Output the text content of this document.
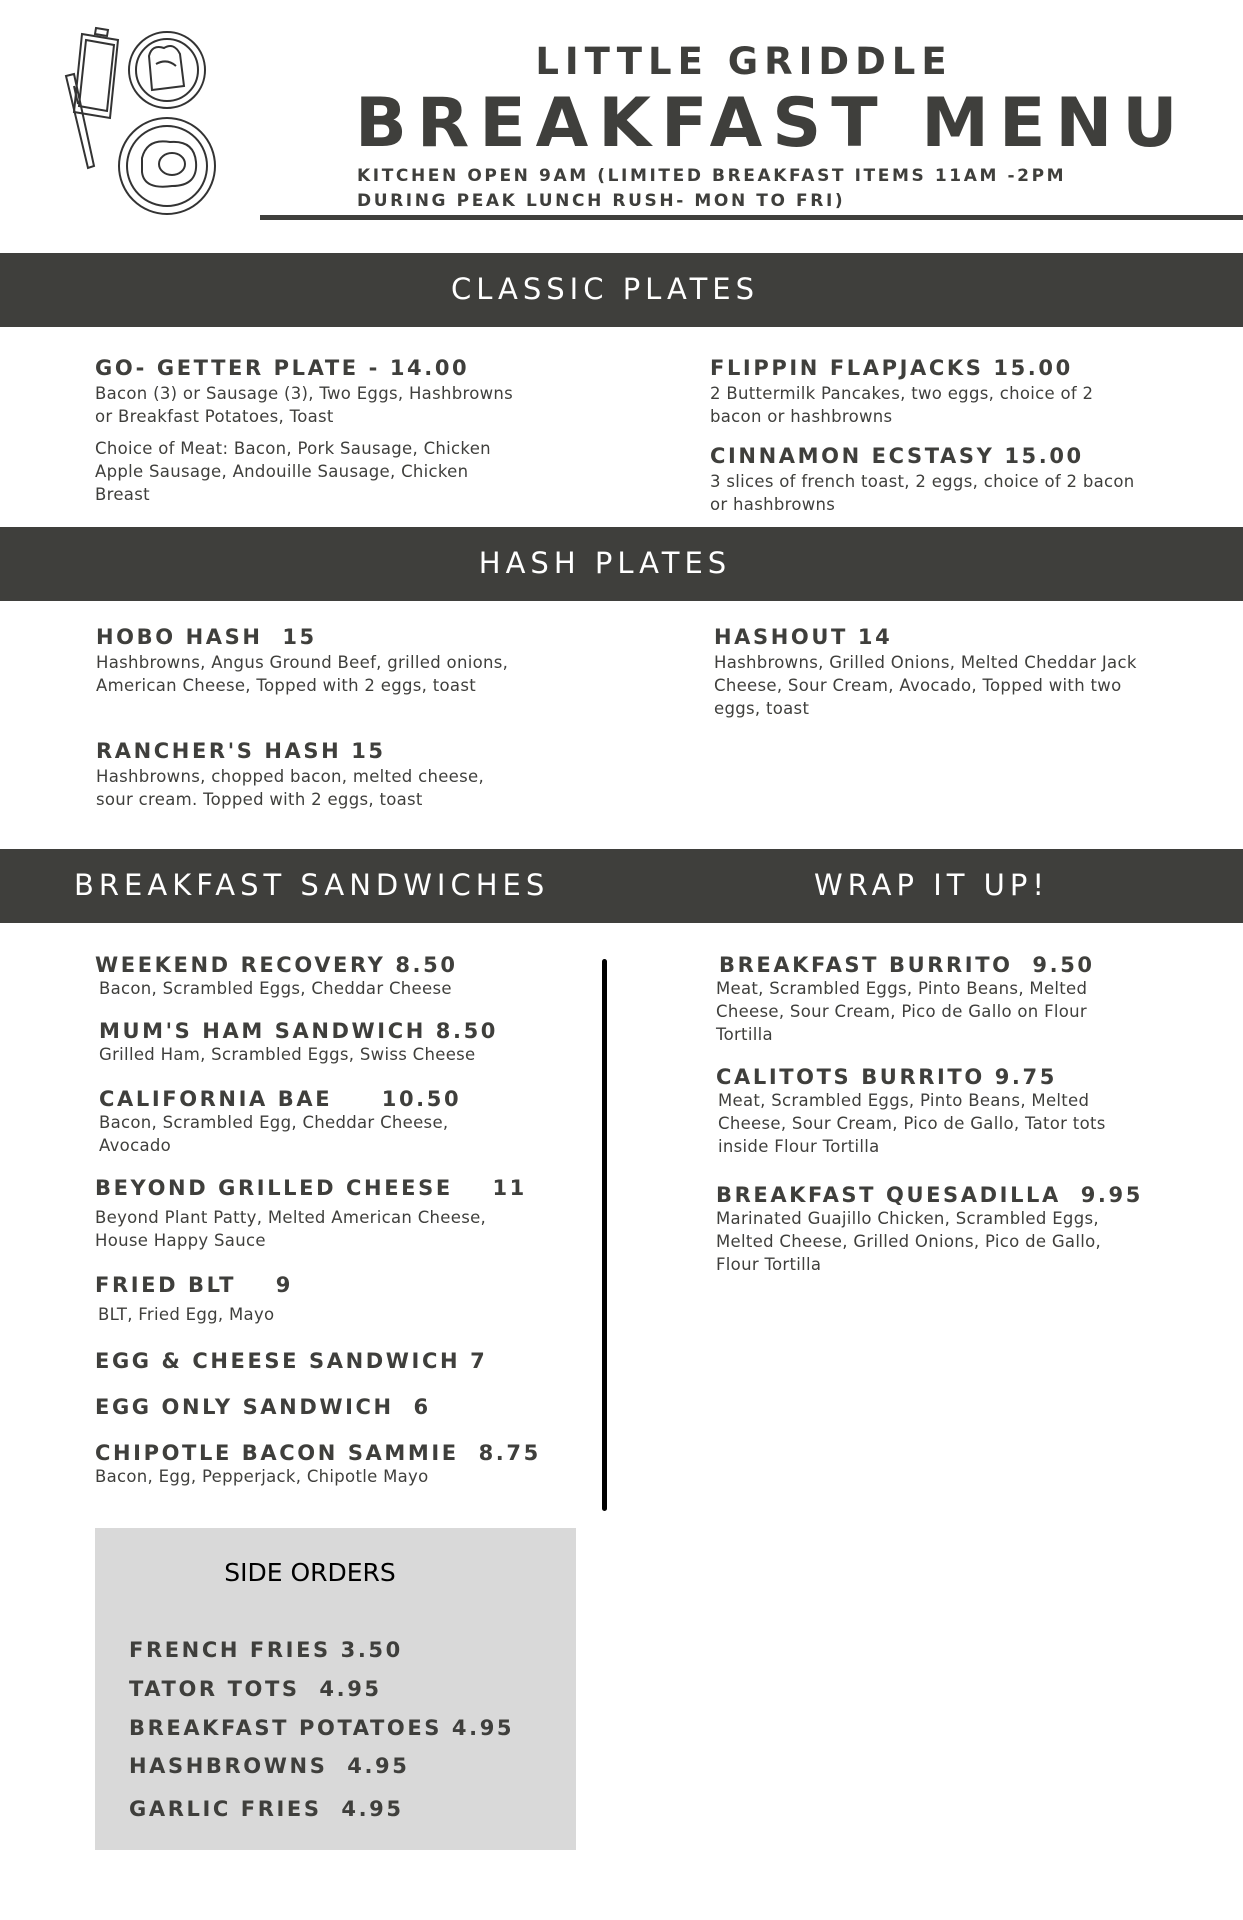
LITTLE GRIDDLE
BREAKFAST MENU
KITCHEN OPEN 9AM (LIMITED BREAKFAST ITEMS 11AM -2PM
DURING PEAK LUNCH RUSH- MON TO FRI)
CLASSIC PLATES
GO- GETTER PLATE - 14.00
Bacon (3) or Sausage (3), Two Eggs, Hashbrowns or Breakfast Potatoes, Toast
Choice of Meat: Bacon, Pork Sausage, Chicken Apple Sausage, Andouille Sausage, Chicken Breast
FLIPPIN FLAPJACKS 15.00
2 Buttermilk Pancakes, two eggs, choice of 2 bacon or hashbrowns
CINNAMON ECSTASY 15.00
3 slices of french toast, 2 eggs, choice of 2 bacon or hashbrowns
HASH PLATES
HOBO HASH  15
Hashbrowns, Angus Ground Beef, grilled onions, American Cheese, Topped with 2 eggs, toast
HASHOUT 14
Hashbrowns, Grilled Onions, Melted Cheddar Jack Cheese, Sour Cream, Avocado, Topped with two eggs, toast
RANCHER'S HASH 15
Hashbrowns, chopped bacon, melted cheese, sour cream. Topped with 2 eggs, toast
BREAKFAST SANDWICHES	WRAP IT UP!
WEEKEND RECOVERY 8.50
Bacon, Scrambled Eggs, Cheddar Cheese
MUM'S HAM SANDWICH 8.50
Grilled Ham, Scrambled Eggs, Swiss Cheese
CALIFORNIA BAE     10.50
Bacon, Scrambled Egg, Cheddar Cheese, Avocado
BEYOND GRILLED CHEESE    11
Beyond Plant Patty, Melted American Cheese, House Happy Sauce
FRIED BLT    9
BLT, Fried Egg, Mayo
EGG & CHEESE SANDWICH 7
EGG ONLY SANDWICH  6
CHIPOTLE BACON SAMMIE  8.75
Bacon, Egg, Pepperjack, Chipotle Mayo
BREAKFAST BURRITO  9.50
Meat, Scrambled Eggs, Pinto Beans, Melted Cheese, Sour Cream, Pico de Gallo on Flour Tortilla
CALITOTS BURRITO 9.75
Meat, Scrambled Eggs, Pinto Beans, Melted Cheese, Sour Cream, Pico de Gallo, Tator tots inside Flour Tortilla
BREAKFAST QUESADILLA  9.95
Marinated Guajillo Chicken, Scrambled Eggs, Melted Cheese, Grilled Onions, Pico de Gallo, Flour Tortilla
SIDE ORDERS
FRENCH FRIES 3.50
TATOR TOTS  4.95
BREAKFAST POTATOES 4.95
HASHBROWNS  4.95
GARLIC FRIES  4.95
